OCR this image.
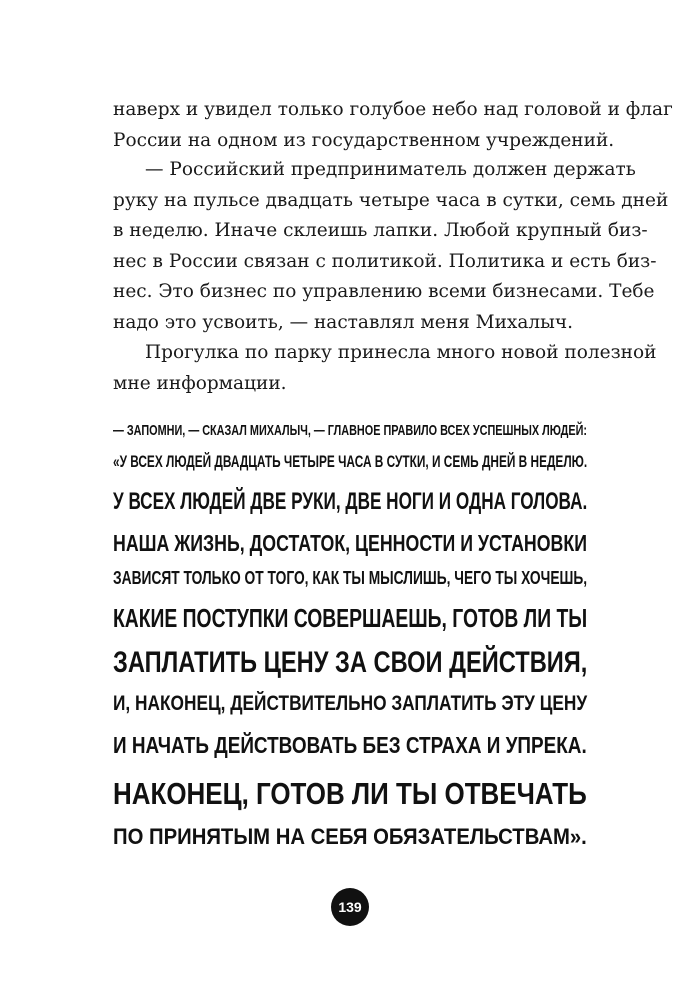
наверх и увидел только голубое небо над головой и флаг
России на одном из государственном учреждений.
— Российский предприниматель должен держать
руку на пульсе двадцать четыре часа в сутки, семь дней
в неделю. Иначе склеишь лапки. Любой крупный биз-
нес в России связан с политикой. Политика и есть биз-
нес. Это бизнес по управлению всеми бизнесами. Тебе
надо это усвоить, — наставлял меня Михалыч.
Прогулка по парку принесла много новой полезной
мне информации.
— ЗАПОМНИ, — СКАЗАЛ МИХАЛЫЧ, — ГЛАВНОЕ ПРАВИЛО ВСЕХ УСПЕШНЫХ ЛЮДЕЙ:
«У ВСЕХ ЛЮДЕЙ ДВАДЦАТЬ ЧЕТЫРЕ ЧАСА В СУТКИ, И СЕМЬ ДНЕЙ В НЕДЕЛЮ.
У ВСЕХ ЛЮДЕЙ ДВЕ РУКИ, ДВЕ НОГИ И ОДНА ГОЛОВА.
НАША ЖИЗНЬ, ДОСТАТОК, ЦЕННОСТИ И УСТАНОВКИ
ЗАВИСЯТ ТОЛЬКО ОТ ТОГО, КАК ТЫ МЫСЛИШЬ, ЧЕГО ТЫ ХОЧЕШЬ,
КАКИЕ ПОСТУПКИ СОВЕРШАЕШЬ, ГОТОВ ЛИ ТЫ
ЗАПЛАТИТЬ ЦЕНУ ЗА СВОИ ДЕЙСТВИЯ,
И, НАКОНЕЦ, ДЕЙСТВИТЕЛЬНО ЗАПЛАТИТЬ ЭТУ ЦЕНУ
И НАЧАТЬ ДЕЙСТВОВАТЬ БЕЗ СТРАХА И УПРЕКА.
НАКОНЕЦ, ГОТОВ ЛИ ТЫ ОТВЕЧАТЬ
ПО ПРИНЯТЫМ НА СЕБЯ ОБЯЗАТЕЛЬСТВАМ».
139
